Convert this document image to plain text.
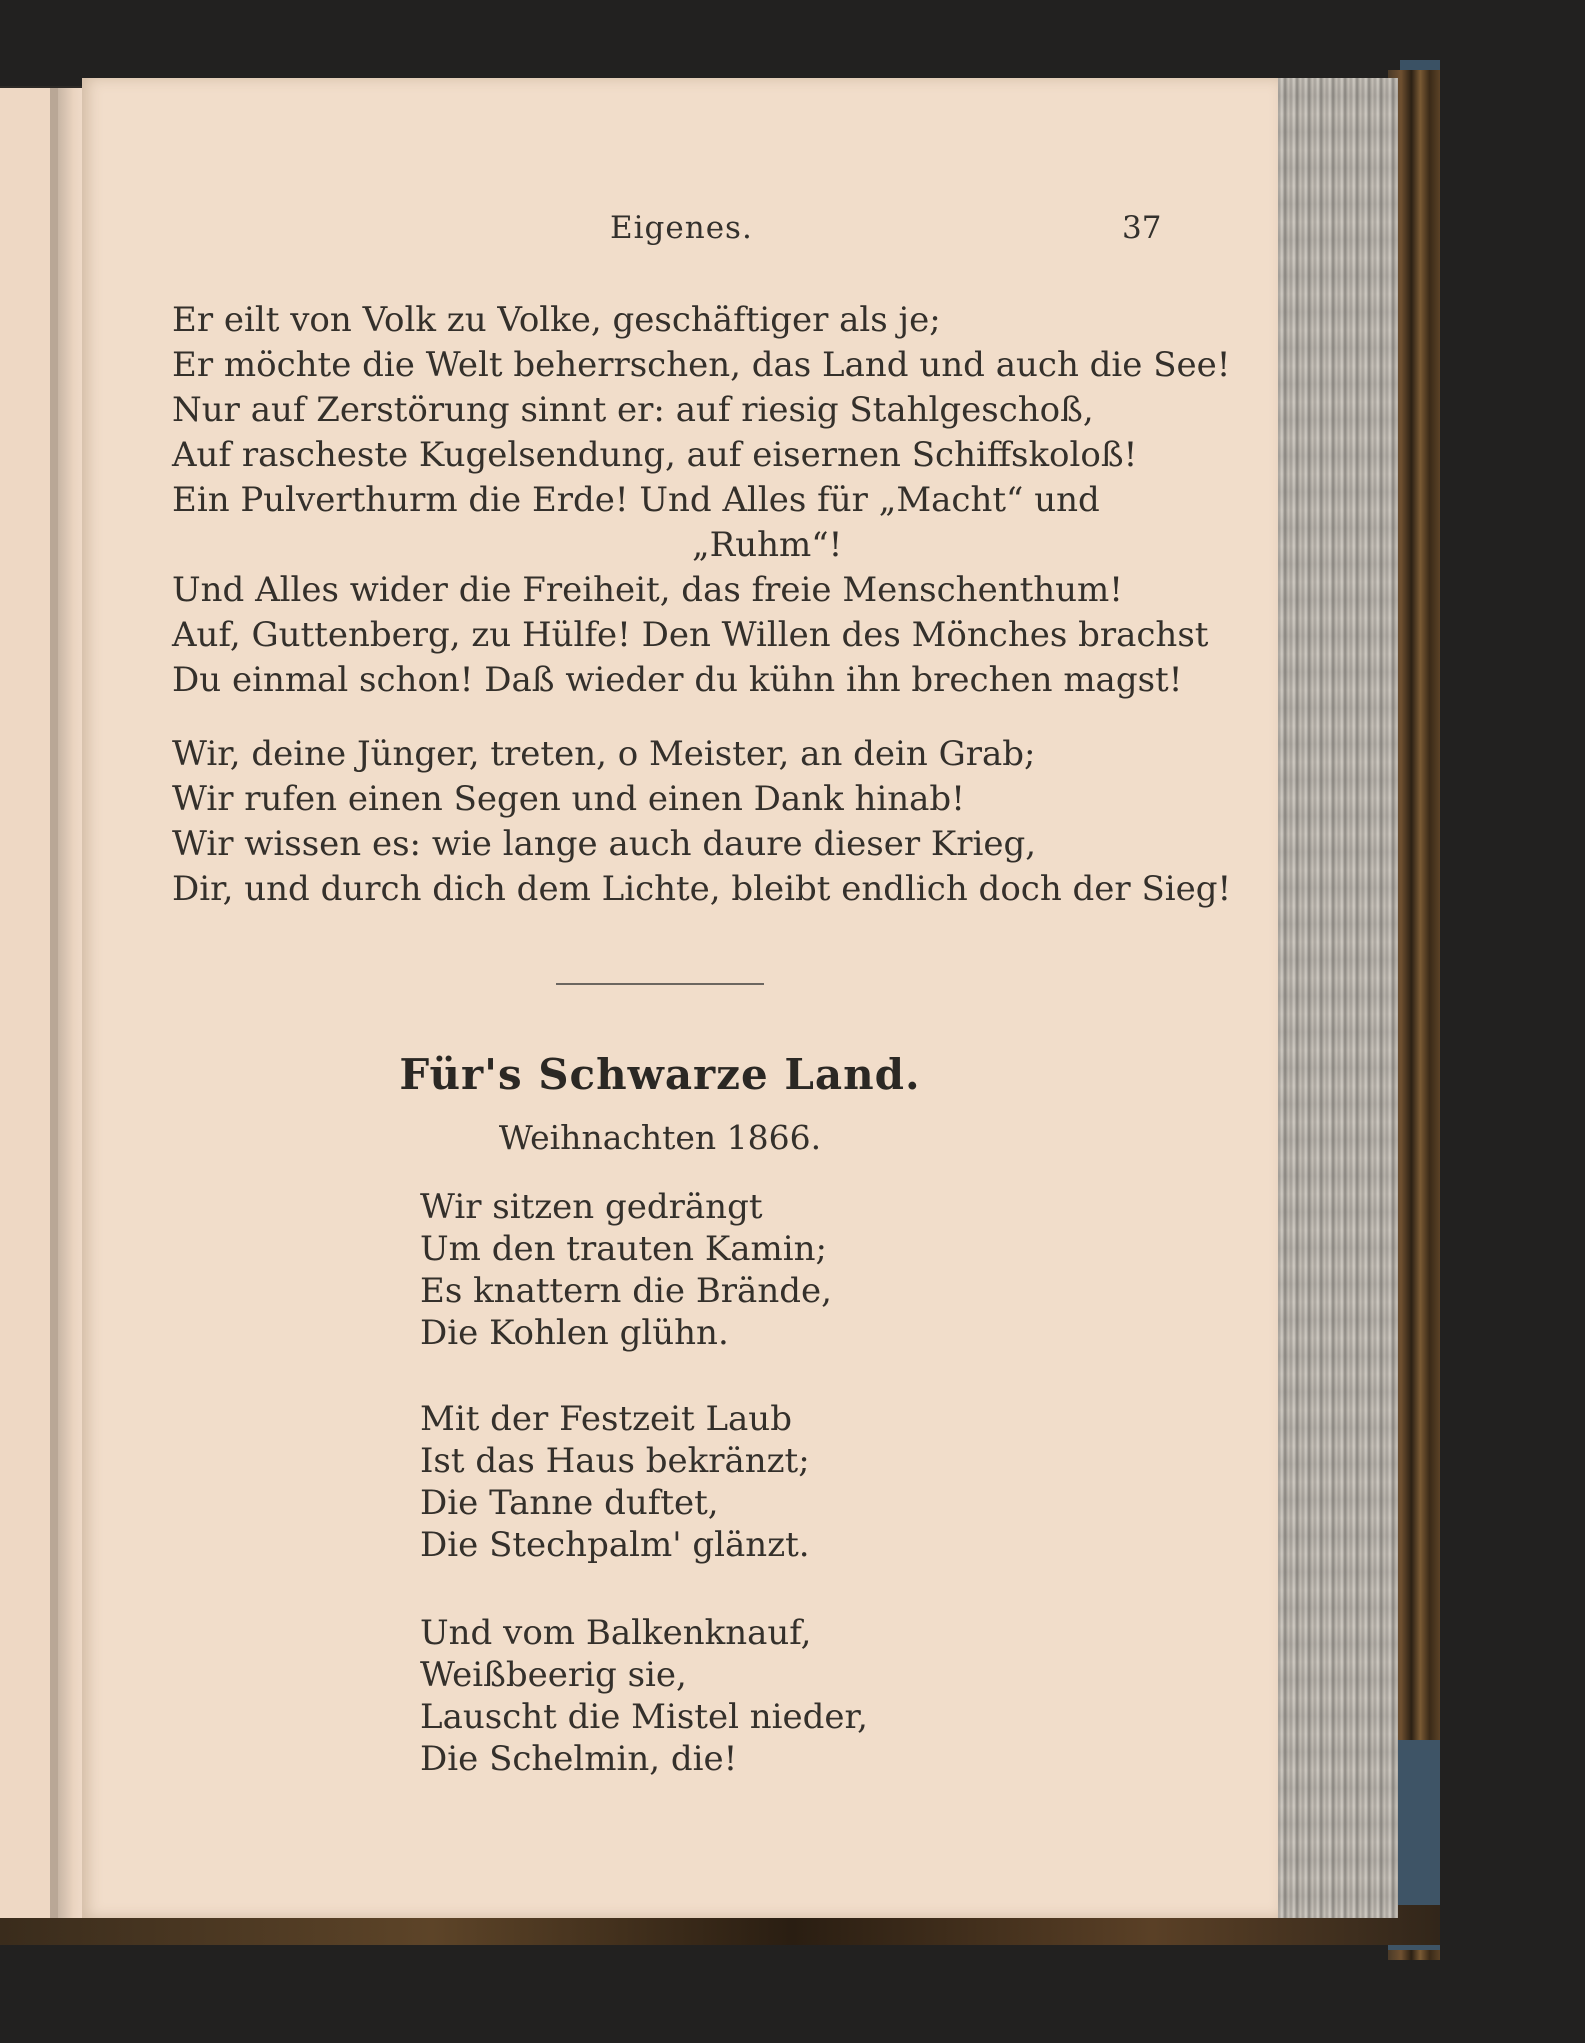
Eigenes.	37
Er eilt von Volk zu Volke, geschäftiger als je;
Er möchte die Welt beherrschen, das Land und auch die See!
Nur auf Zerstörung sinnt er: auf riesig Stahlgeschoß,
Auf rascheste Kugelsendung, auf eisernen Schiffskoloß!
Ein Pulverthurm die Erde! Und Alles für „Macht“ und
„Ruhm“!
Und Alles wider die Freiheit, das freie Menschenthum!
Auf, Guttenberg, zu Hülfe! Den Willen des Mönches brachst
Du einmal schon! Daß wieder du kühn ihn brechen magst!
Wir, deine Jünger, treten, o Meister, an dein Grab;
Wir rufen einen Segen und einen Dank hinab!
Wir wissen es: wie lange auch daure dieser Krieg,
Dir, und durch dich dem Lichte, bleibt endlich doch der Sieg!
Für's Schwarze Land.
Weihnachten 1866.
Wir sitzen gedrängt
Um den trauten Kamin;
Es knattern die Brände,
Die Kohlen glühn.
Mit der Festzeit Laub
Ist das Haus bekränzt;
Die Tanne duftet,
Die Stechpalm' glänzt.
Und vom Balkenknauf,
Weißbeerig sie,
Lauscht die Mistel nieder,
Die Schelmin, die!
